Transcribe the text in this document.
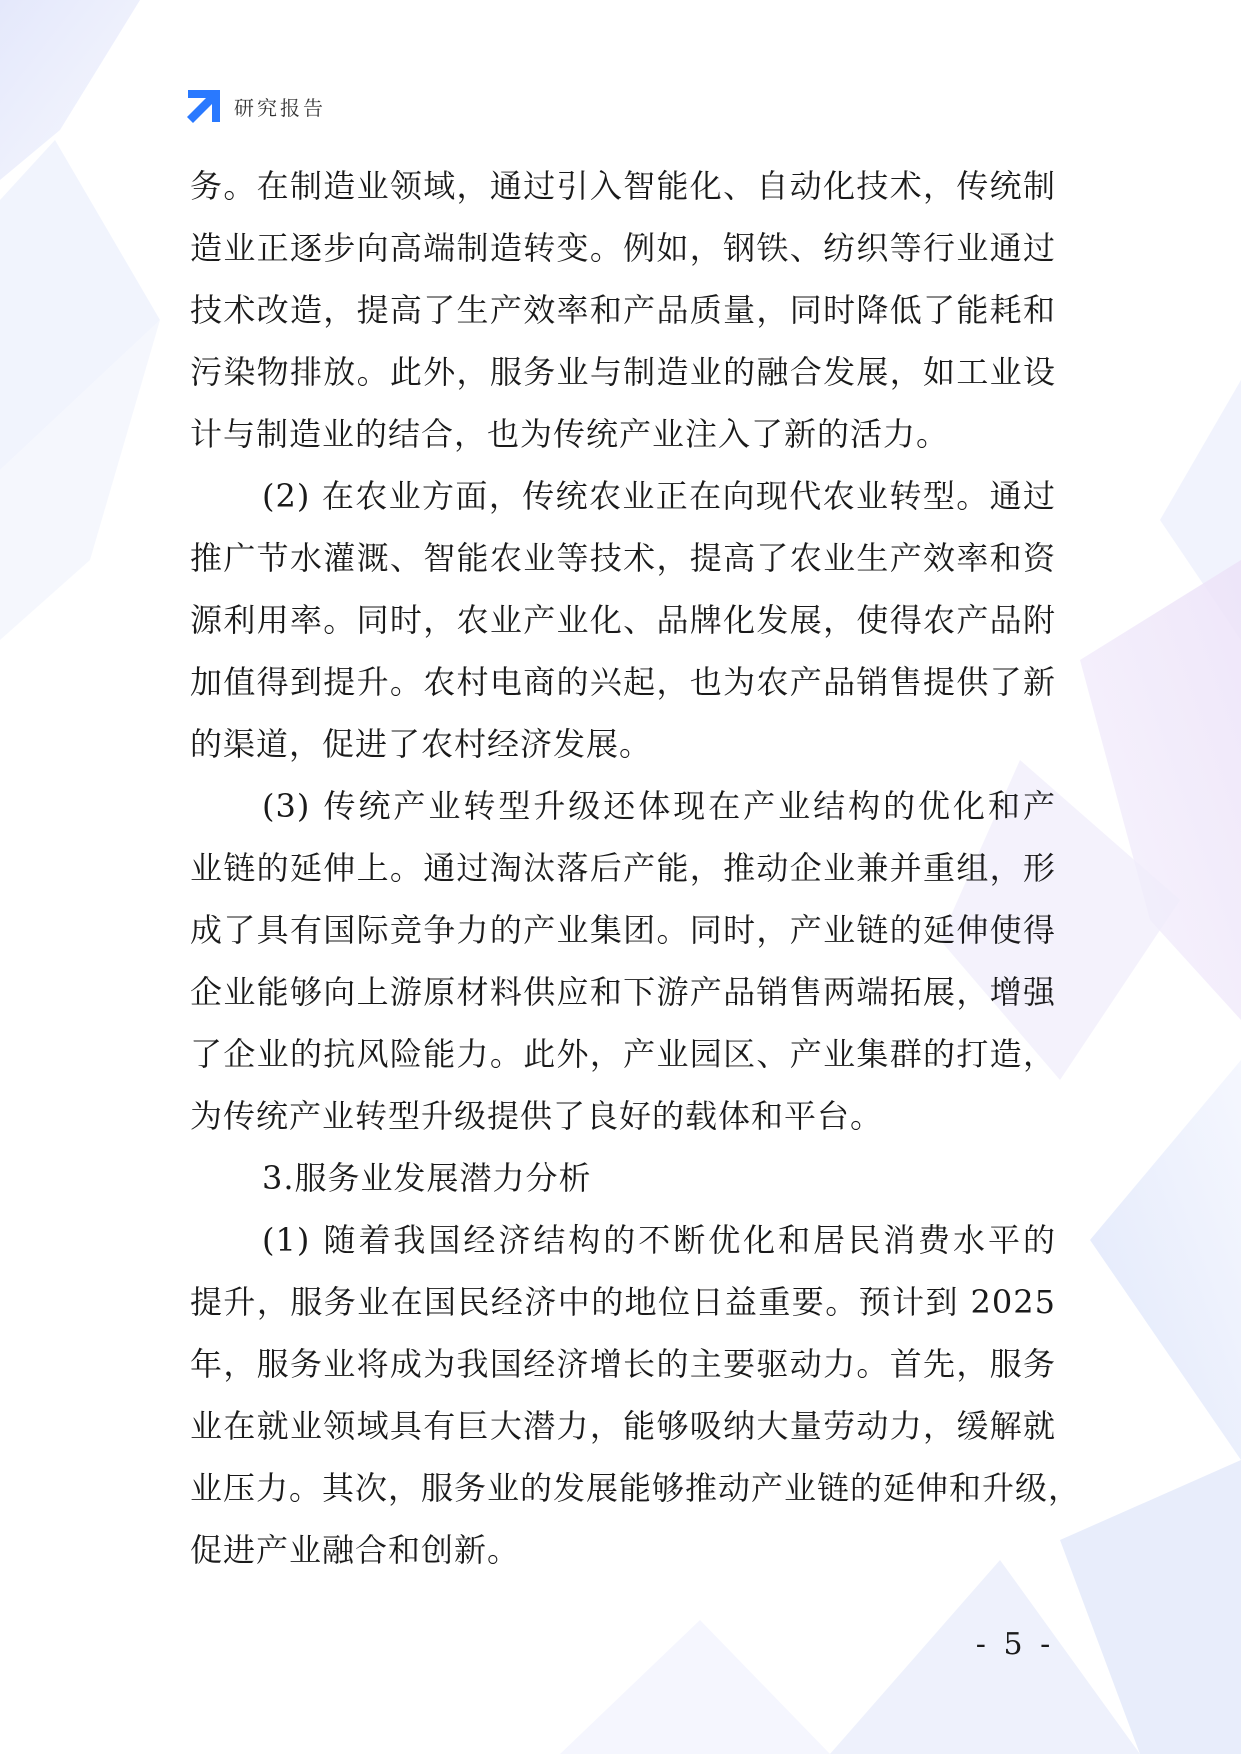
研究报告
务。在制造业领域，通过引入智能化、自动化技术，传统制
造业正逐步向高端制造转变。例如，钢铁、纺织等行业通过
技术改造，提高了生产效率和产品质量，同时降低了能耗和
污染物排放。此外，服务业与制造业的融合发展，如工业设
计与制造业的结合，也为传统产业注入了新的活力。
(2) 在农业方面，传统农业正在向现代农业转型。通过
推广节水灌溉、智能农业等技术，提高了农业生产效率和资
源利用率。同时，农业产业化、品牌化发展，使得农产品附
加值得到提升。农村电商的兴起，也为农产品销售提供了新
的渠道，促进了农村经济发展。
(3) 传统产业转型升级还体现在产业结构的优化和产
业链的延伸上。通过淘汰落后产能，推动企业兼并重组，形
成了具有国际竞争力的产业集团。同时，产业链的延伸使得
企业能够向上游原材料供应和下游产品销售两端拓展，增强
了企业的抗风险能力。此外，产业园区、产业集群的打造，
为传统产业转型升级提供了良好的载体和平台。
3.服务业发展潜力分析
(1) 随着我国经济结构的不断优化和居民消费水平的
提升，服务业在国民经济中的地位日益重要。预计到 2025
年，服务业将成为我国经济增长的主要驱动力。首先，服务
业在就业领域具有巨大潜力，能够吸纳大量劳动力，缓解就
业压力。其次，服务业的发展能够推动产业链的延伸和升级，
促进产业融合和创新。
- 5 -
